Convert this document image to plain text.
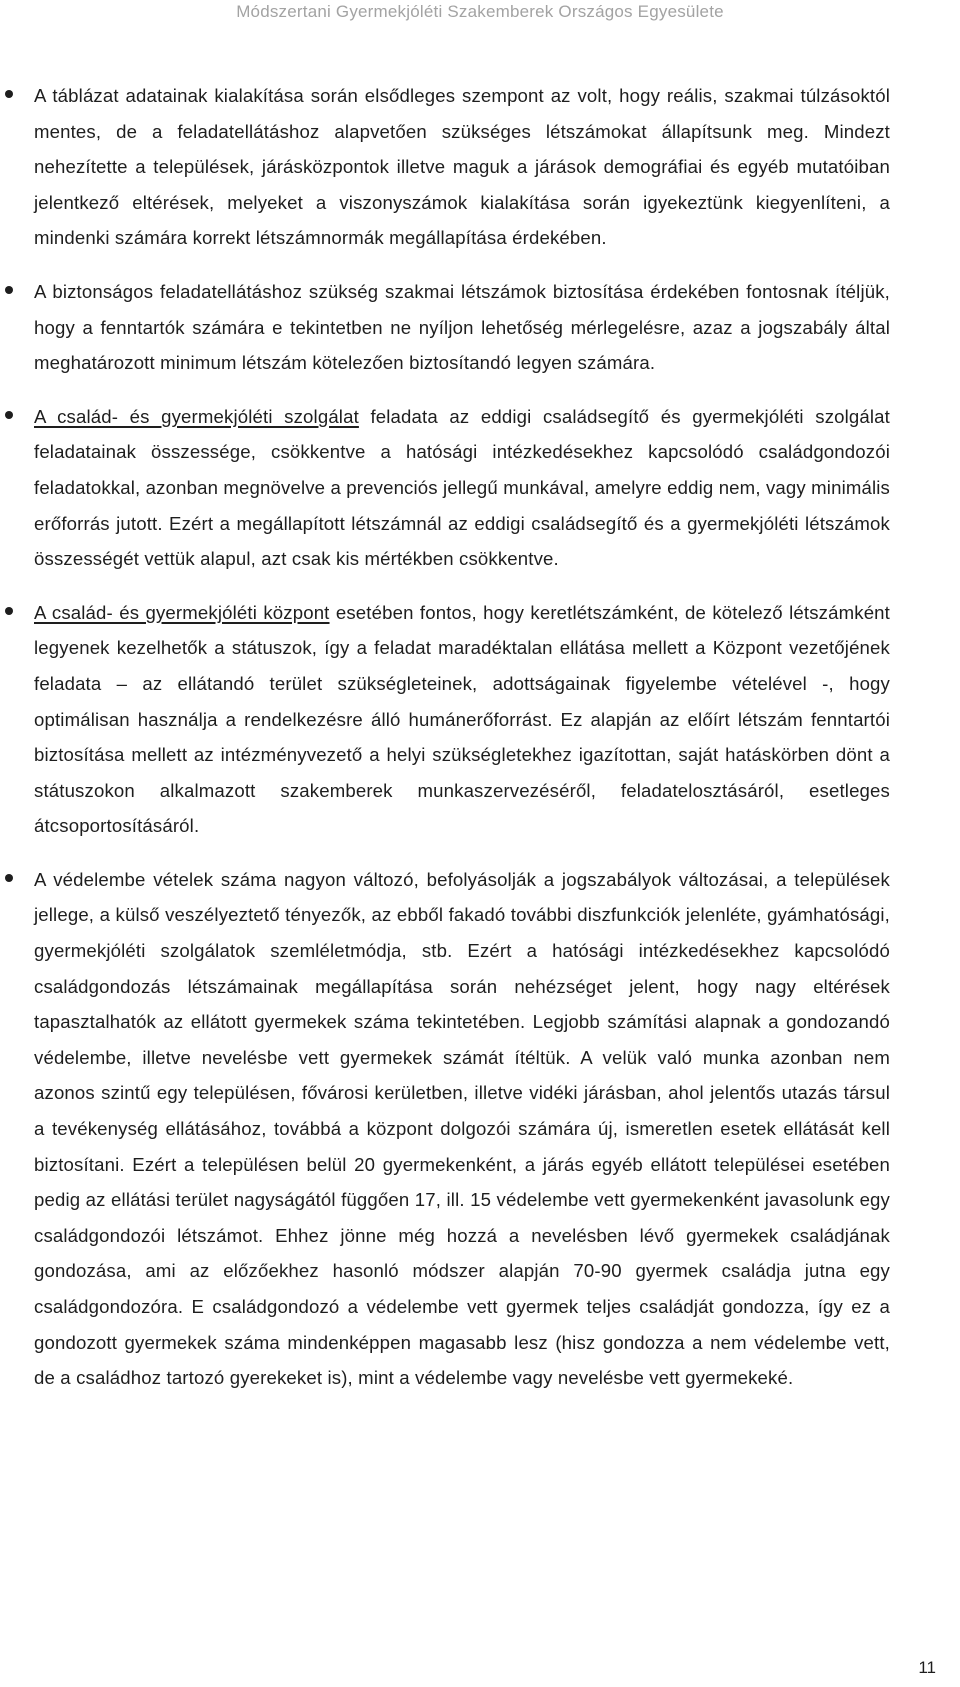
Módszertani Gyermekjóléti Szakemberek Országos Egyesülete

A táblázat adatainak kialakítása során elsődleges szempont az volt, hogy reális, szakmai túlzásoktól mentes, de a feladatellátáshoz alapvetően szükséges létszámokat állapítsunk meg. Mindezt nehezítette a települések, járásközpontok illetve maguk a járások demográfiai és egyéb mutatóiban jelentkező eltérések, melyeket a viszonyszámok kialakítása során igyekeztünk kiegyenlíteni, a mindenki számára korrekt létszámnormák megállapítása érdekében.

A biztonságos feladatellátáshoz szükség szakmai létszámok biztosítása érdekében fontosnak ítéljük, hogy a fenntartók számára e tekintetben ne nyíljon lehetőség mérlegelésre, azaz a jogszabály által meghatározott minimum létszám kötelezően biztosítandó legyen számára.

A család- és gyermekjóléti szolgálat feladata az eddigi családsegítő és gyermekjóléti szolgálat feladatainak összessége, csökkentve a hatósági intézkedésekhez kapcsolódó családgondozói feladatokkal, azonban megnövelve a prevenciós jellegű munkával, amelyre eddig nem, vagy minimális erőforrás jutott. Ezért a megállapított létszámnál az eddigi családsegítő és a gyermekjóléti létszámok összességét vettük alapul, azt csak kis mértékben csökkentve.

A család- és gyermekjóléti központ esetében fontos, hogy keretlétszámként, de kötelező létszámként legyenek kezelhetők a státuszok, így a feladat maradéktalan ellátása mellett a Központ vezetőjének feladata – az ellátandó terület szükségleteinek, adottságainak figyelembe vételével -, hogy optimálisan használja a rendelkezésre álló humánerőforrást. Ez alapján az előírt létszám fenntartói biztosítása mellett az intézményvezető a helyi szükségletekhez igazítottan, saját hatáskörben dönt a státuszokon alkalmazott szakemberek munkaszervezéséről, feladatelosztásáról, esetleges átcsoportosításáról.

A védelembe vételek száma nagyon változó, befolyásolják a jogszabályok változásai, a települések jellege, a külső veszélyeztető tényezők, az ebből fakadó további diszfunkciók jelenléte, gyámhatósági, gyermekjóléti szolgálatok szemléletmódja, stb. Ezért a hatósági intézkedésekhez kapcsolódó családgondozás létszámainak megállapítása során nehézséget jelent, hogy nagy eltérések tapasztalhatók az ellátott gyermekek száma tekintetében. Legjobb számítási alapnak a gondozandó védelembe, illetve nevelésbe vett gyermekek számát ítéltük. A velük való munka azonban nem azonos szintű egy településen, fővárosi kerületben, illetve vidéki járásban, ahol jelentős utazás társul a tevékenység ellátásához, továbbá a központ dolgozói számára új, ismeretlen esetek ellátását kell biztosítani. Ezért a településen belül 20 gyermekenként, a járás egyéb ellátott települései esetében pedig az ellátási terület nagyságától függően 17, ill. 15 védelembe vett gyermekenként javasolunk egy családgondozói létszámot. Ehhez jönne még hozzá a nevelésben lévő gyermekek családjának gondozása, ami az előzőekhez hasonló módszer alapján 70-90 gyermek családja jutna egy családgondozóra. E családgondozó a védelembe vett gyermek teljes családját gondozza, így ez a gondozott gyermekek száma mindenképpen magasabb lesz (hisz gondozza a nem védelembe vett, de a családhoz tartozó gyerekeket is), mint a védelembe vagy nevelésbe vett gyermekeké.

11
